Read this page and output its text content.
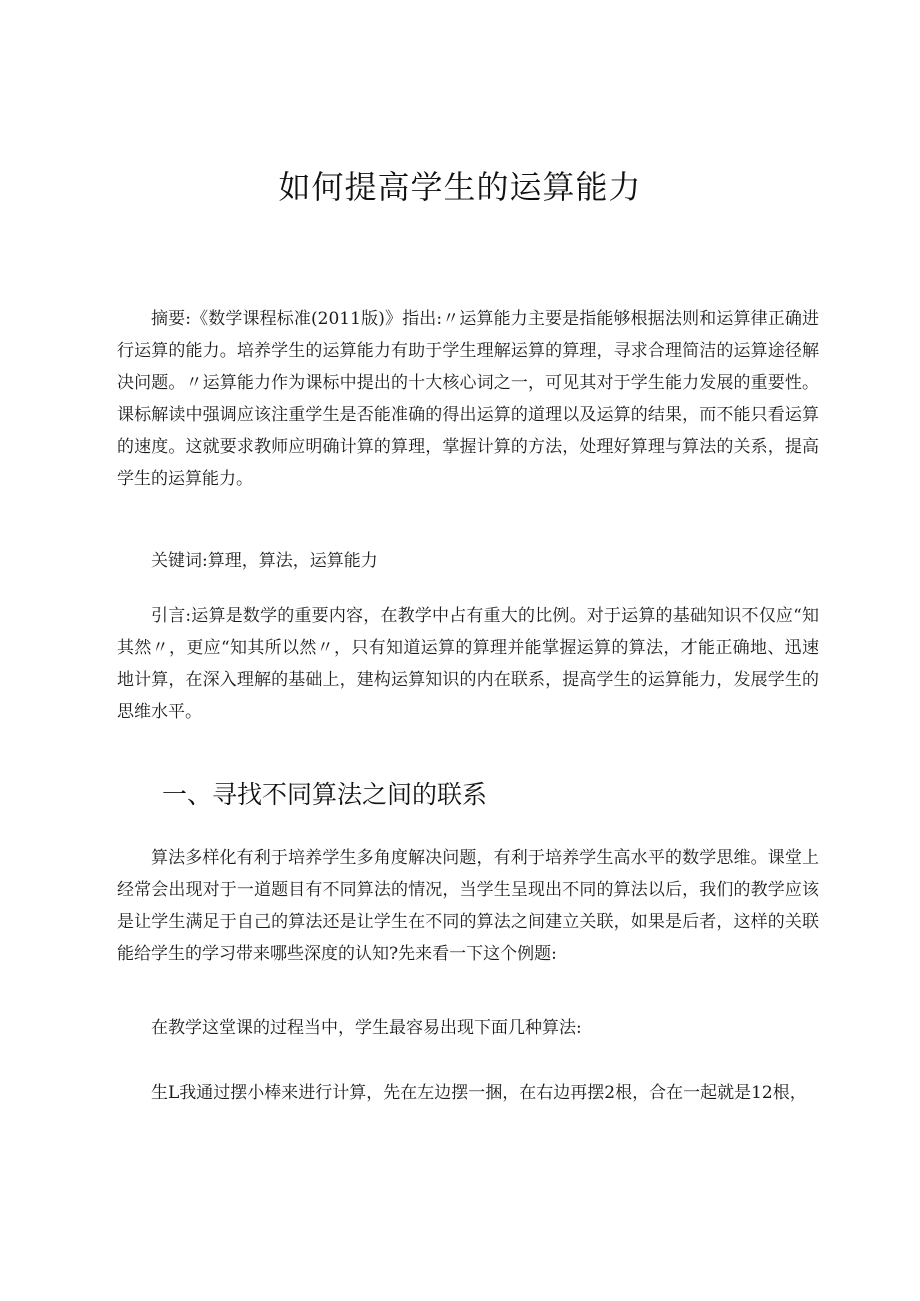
如何提高学生的运算能力

摘要:《数学课程标准(2011版)》指出:〃运算能力主要是指能够根据法则和运算律正确进行运算的能力。培养学生的运算能力有助于学生理解运算的算理，寻求合理简洁的运算途径解决问题。〃运算能力作为课标中提出的十大核心词之一，可见其对于学生能力发展的重要性。课标解读中强调应该注重学生是否能准确的得出运算的道理以及运算的结果，而不能只看运算的速度。这就要求教师应明确计算的算理，掌握计算的方法，处理好算理与算法的关系，提高学生的运算能力。

关键词:算理，算法，运算能力

引言:运算是数学的重要内容，在教学中占有重大的比例。对于运算的基础知识不仅应“知其然〃，更应“知其所以然〃，只有知道运算的算理并能掌握运算的算法，才能正确地、迅速地计算，在深入理解的基础上，建构运算知识的内在联系，提高学生的运算能力，发展学生的思维水平。

一、寻找不同算法之间的联系

算法多样化有利于培养学生多角度解决问题，有利于培养学生高水平的数学思维。课堂上经常会出现对于一道题目有不同算法的情况，当学生呈现出不同的算法以后，我们的教学应该是让学生满足于自己的算法还是让学生在不同的算法之间建立关联，如果是后者，这样的关联能给学生的学习带来哪些深度的认知?先来看一下这个例题:

在教学这堂课的过程当中，学生最容易出现下面几种算法:

生L我通过摆小棒来进行计算，先在左边摆一捆，在右边再摆2根，合在一起就是12根，
